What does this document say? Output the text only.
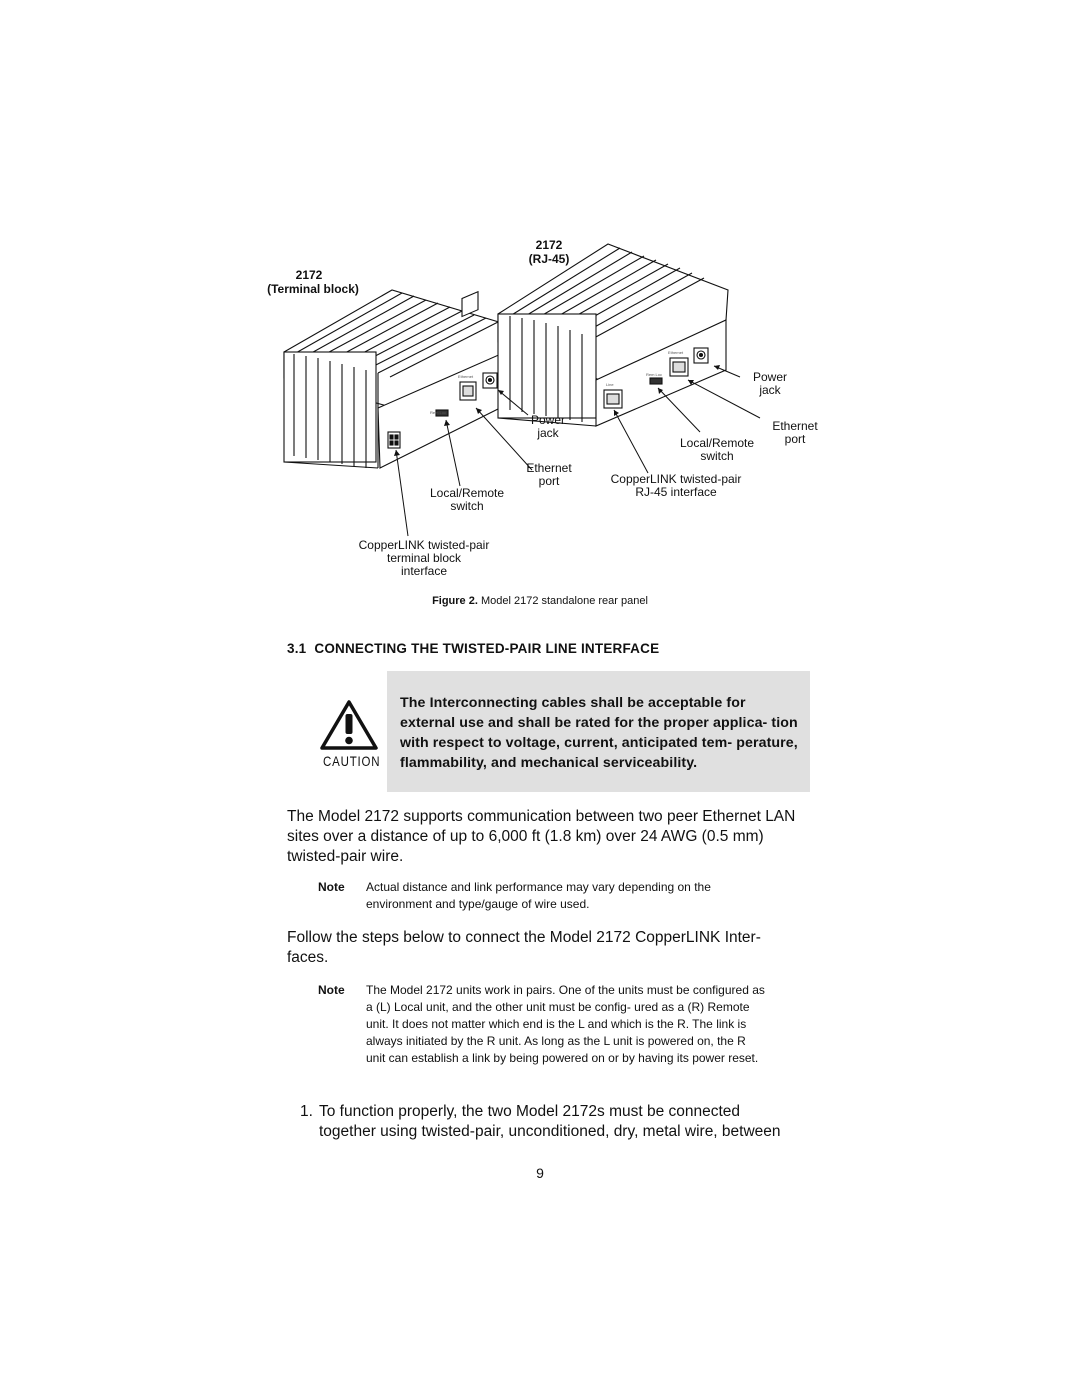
Rem Loc
Ethernet	Rem Loc
Line
Ethernet
2172
(RJ-45)
2172
(Terminal block)
Power
jack
Ethernet
port
Local/Remote
switch
CopperLINK twisted-pair
terminal block
interface
Power
jack
Ethernet
port
Local/Remote
switch
CopperLINK twisted-pair
RJ-45 interface
Figure 2. Model 2172 standalone rear panel
3.1 CONNECTING THE TWISTED-PAIR LINE INTERFACE
CAUTION
The Interconnecting cables shall be acceptable for external use and shall be rated for the proper applica- tion with respect to voltage, current, anticipated tem- perature, flammability, and mechanical serviceability.
The Model 2172 supports communication between two peer Ethernet LAN sites over a distance of up to 6,000 ft (1.8 km) over 24 AWG (0.5 mm) twisted-pair wire.
Note Actual distance and link performance may vary depending on the environment and type/gauge of wire used.
Follow the steps below to connect the Model 2172 CopperLINK Inter- faces.
Note The Model 2172 units work in pairs. One of the units must be configured as a (L) Local unit, and the other unit must be config- ured as a (R) Remote unit. It does not matter which end is the L and which is the R. The link is always initiated by the R unit. As long as the L unit is powered on, the R unit can establish a link by being powered on or by having its power reset.
1. To function properly, the two Model 2172s must be connected together using twisted-pair, unconditioned, dry, metal wire, between
9
